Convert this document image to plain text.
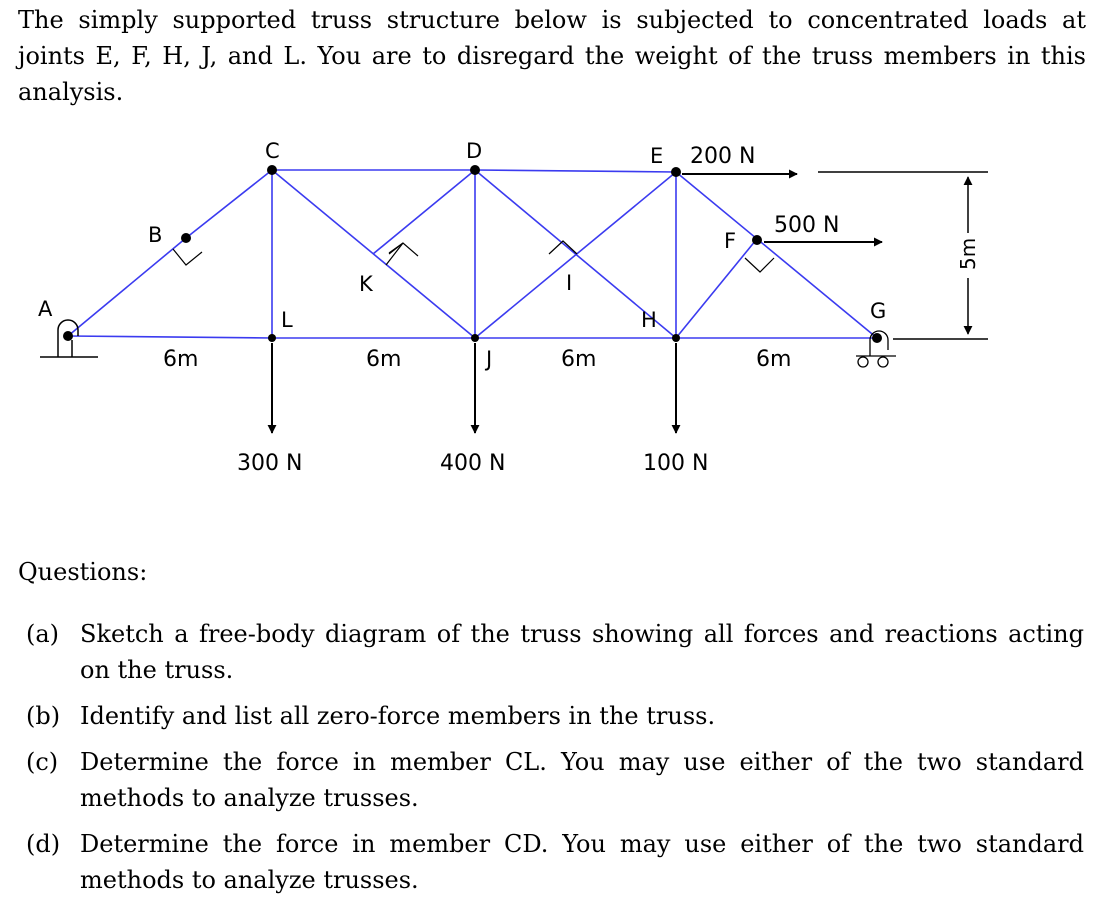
The simply supported truss structure below is subjected to concentrated loads at
joints E, F, H, J, and L. You are to disregard the weight of the truss members in this
analysis.
A
B
C	D	E
F
G
H
I
J
K
L
200 N
500 N
300 N	400 N	100 N
6m	6m	6m	6m
5m

Questions:

(a) Sketch a free-body diagram of the truss showing all forces and reactions acting
on the truss.
(b) Identify and list all zero-force members in the truss.
(c) Determine the force in member CL. You may use either of the two standard
methods to analyze trusses.
(d) Determine the force in member CD. You may use either of the two standard
methods to analyze trusses.
